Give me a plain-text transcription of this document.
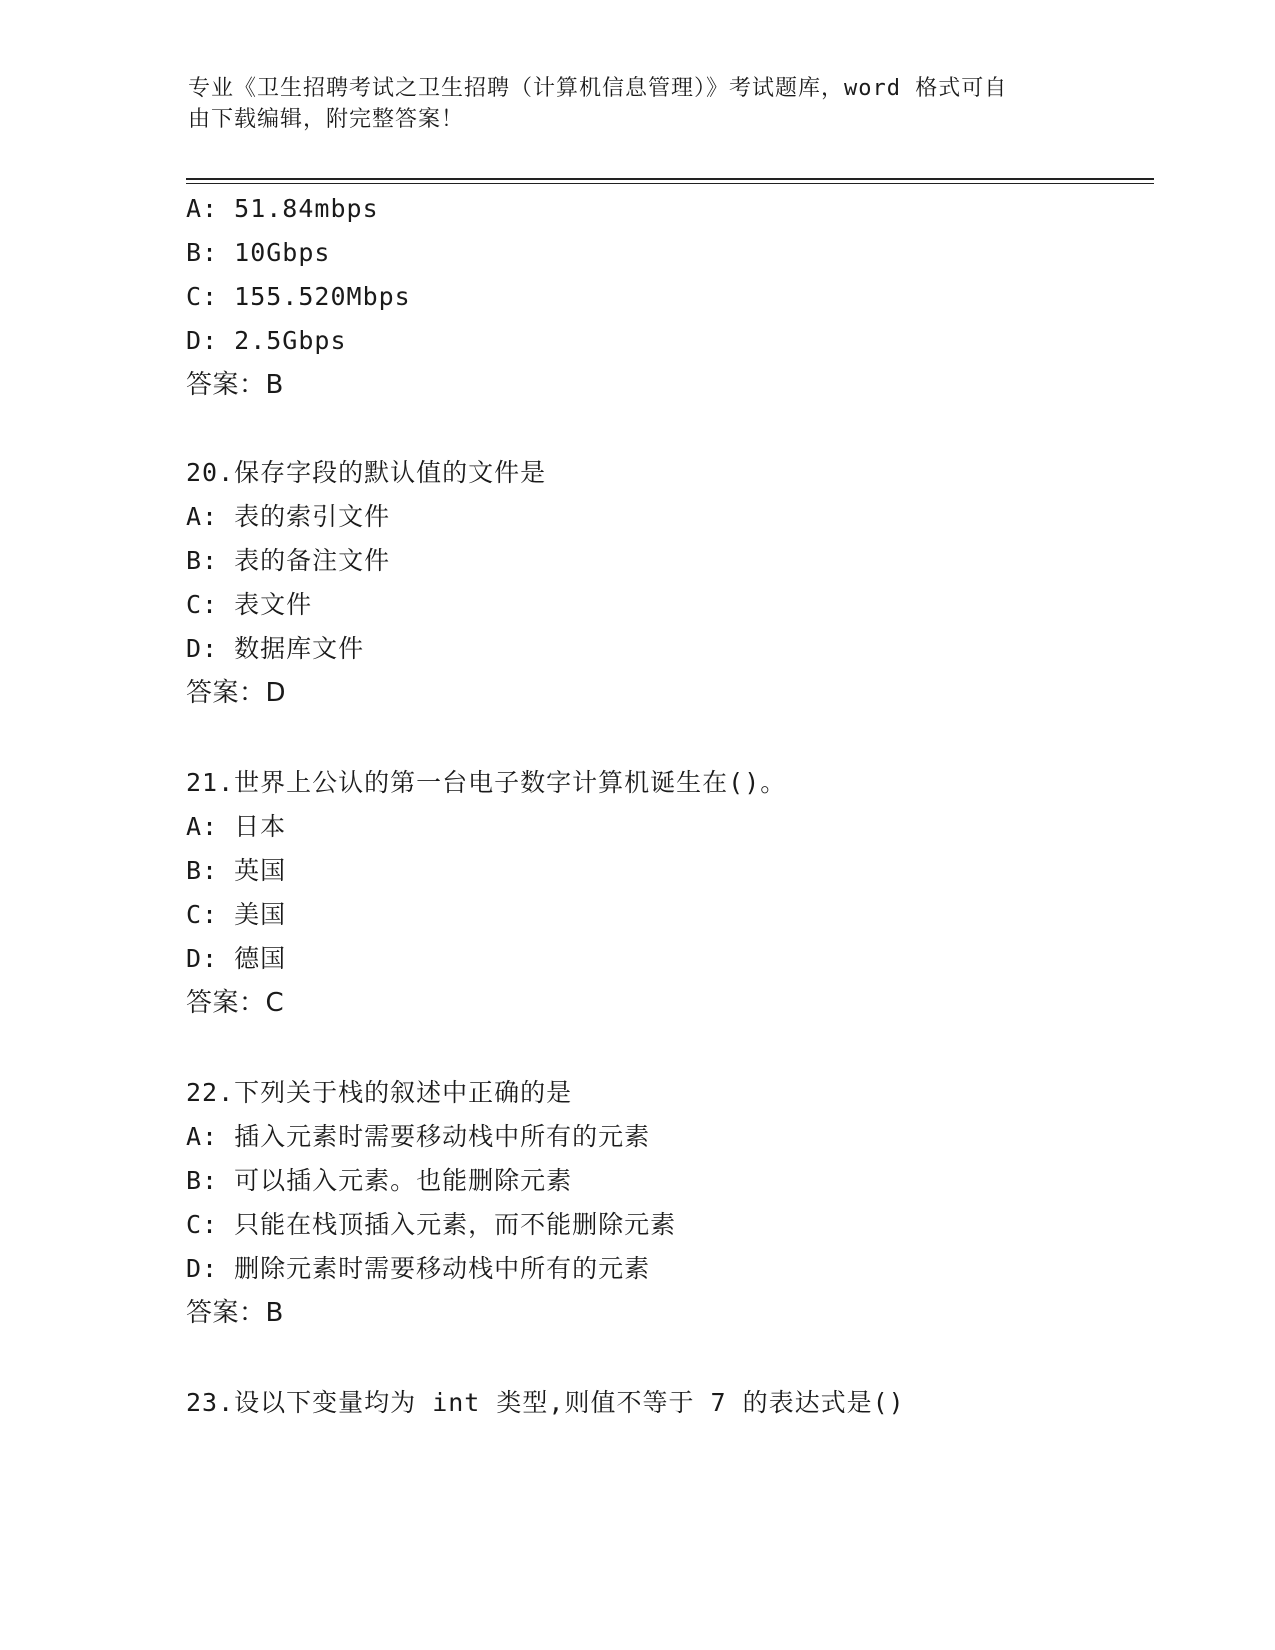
专业《卫生招聘考试之卫生招聘（计算机信息管理）》考试题库，word 格式可自
由下载编辑，附完整答案！
A: 51.84mbps
B: 10Gbps
C: 155.520Mbps
D: 2.5Gbps
答案：B
20.保存字段的默认值的文件是
A: 表的索引文件
B: 表的备注文件
C: 表文件
D: 数据库文件
答案：D
21.世界上公认的第一台电子数字计算机诞生在()。
A: 日本
B: 英国
C: 美国
D: 德国
答案：C
22.下列关于栈的叙述中正确的是
A: 插入元素时需要移动栈中所有的元素
B: 可以插入元素。也能删除元素
C: 只能在栈顶插入元素，而不能删除元素
D: 删除元素时需要移动栈中所有的元素
答案：B
23.设以下变量均为 int 类型,则值不等于 7 的表达式是()
